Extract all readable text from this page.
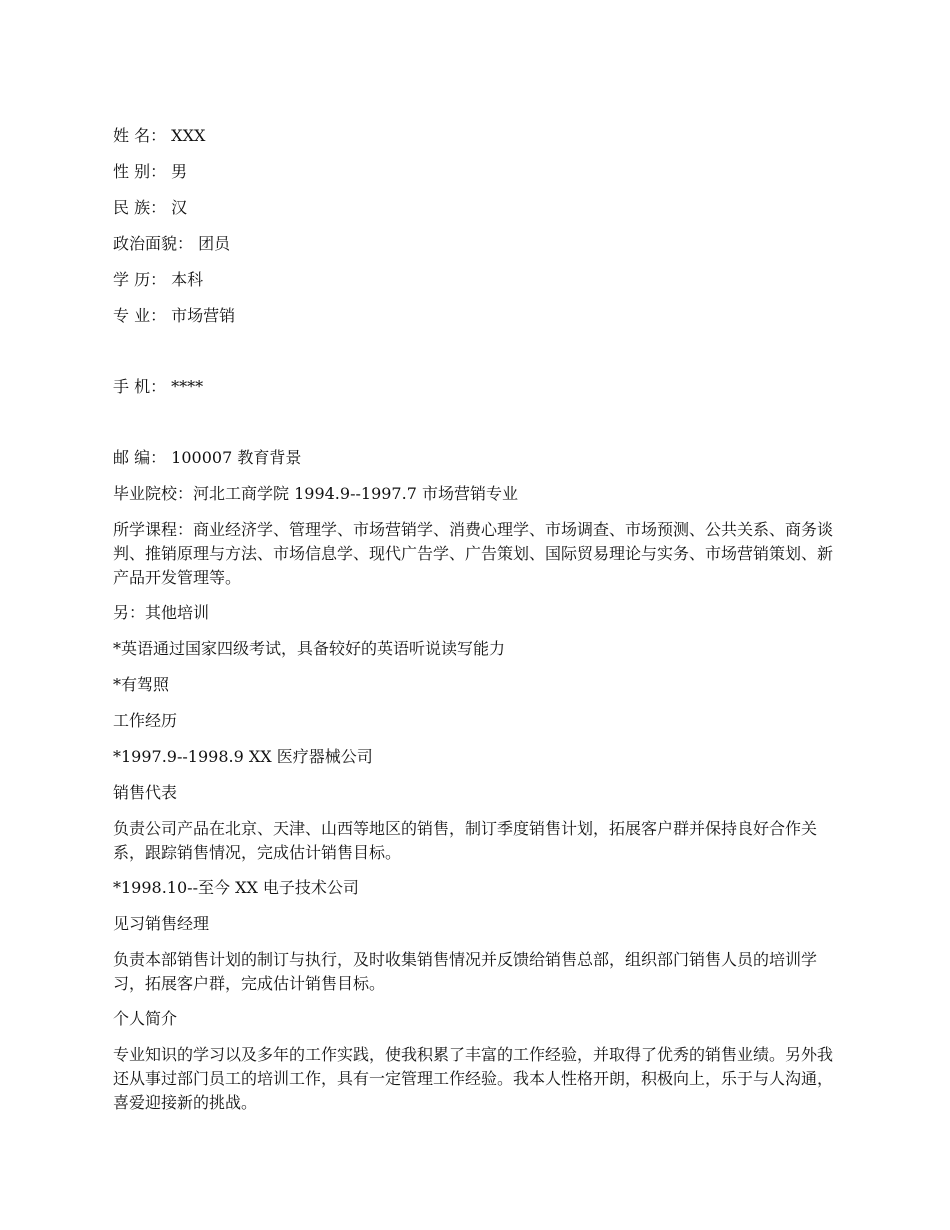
姓 名： XXX

性 别： 男

民 族： 汉

政治面貌： 团员

学 历： 本科

专 业： 市场营销

手 机： ****

邮 编： 100007 教育背景

毕业院校：河北工商学院 1994.9--1997.7 市场营销专业

所学课程：商业经济学、管理学、市场营销学、消费心理学、市场调查、市场预测、公共关系、商务谈判、推销原理与方法、市场信息学、现代广告学、广告策划、国际贸易理论与实务、市场营销策划、新产品开发管理等。

另：其他培训

*英语通过国家四级考试，具备较好的英语听说读写能力

*有驾照

工作经历

*1997.9--1998.9 XX 医疗器械公司

销售代表

负责公司产品在北京、天津、山西等地区的销售，制订季度销售计划，拓展客户群并保持良好合作关系，跟踪销售情况，完成估计销售目标。

*1998.10--至今 XX 电子技术公司

见习销售经理

负责本部销售计划的制订与执行，及时收集销售情况并反馈给销售总部，组织部门销售人员的培训学习，拓展客户群，完成估计销售目标。

个人简介

专业知识的学习以及多年的工作实践，使我积累了丰富的工作经验，并取得了优秀的销售业绩。另外我还从事过部门员工的培训工作，具有一定管理工作经验。我本人性格开朗，积极向上，乐于与人沟通，喜爱迎接新的挑战。
